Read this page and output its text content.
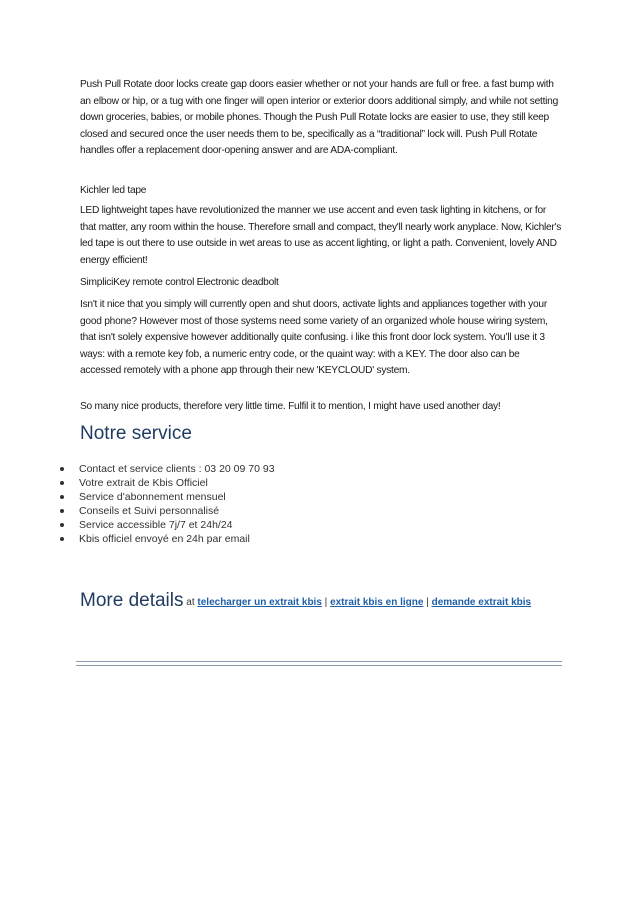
Push Pull Rotate door locks create gap doors easier whether or not your hands are full or free. a fast bump with an elbow or hip, or a tug with one finger will open interior or exterior doors additional simply, and while not setting down groceries, babies, or mobile phones. Though the Push Pull Rotate locks are easier to use, they still keep closed and secured once the user needs them to be, specifically as a “traditional” lock will. Push Pull Rotate handles offer a replacement door-opening answer and are ADA-compliant.

Kichler led tape

LED lightweight tapes have revolutionized the manner we use accent and even task lighting in kitchens, or for that matter, any room within the house. Therefore small and compact, they'll nearly work anyplace. Now, Kichler's led tape is out there to use outside in wet areas to use as accent lighting, or light a path. Convenient, lovely AND energy efficient!

SimpliciKey remote control Electronic deadbolt

Isn't it nice that you simply will currently open and shut doors, activate lights and appliances together with your good phone? However most of those systems need some variety of an organized whole house wiring system, that isn't solely expensive however additionally quite confusing. i like this front door lock system. You’ll use it 3 ways: with a remote key fob, a numeric entry code, or the quaint way: with a KEY. The door also can be accessed remotely with a phone app through their new 'KEYCLOUD' system.

So many nice products, therefore very little time. Fulfil it to mention, I might have used another day!

Notre service
Contact et service clients : 03 20 09 70 93
Votre extrait de Kbis Officiel
Service d'abonnement mensuel
Conseils et Suivi personnalisé
Service accessible 7j/7 et 24h/24
Kbis officiel envoyé en 24h par email
More details at telecharger un extrait kbis | extrait kbis en ligne | demande extrait kbis
